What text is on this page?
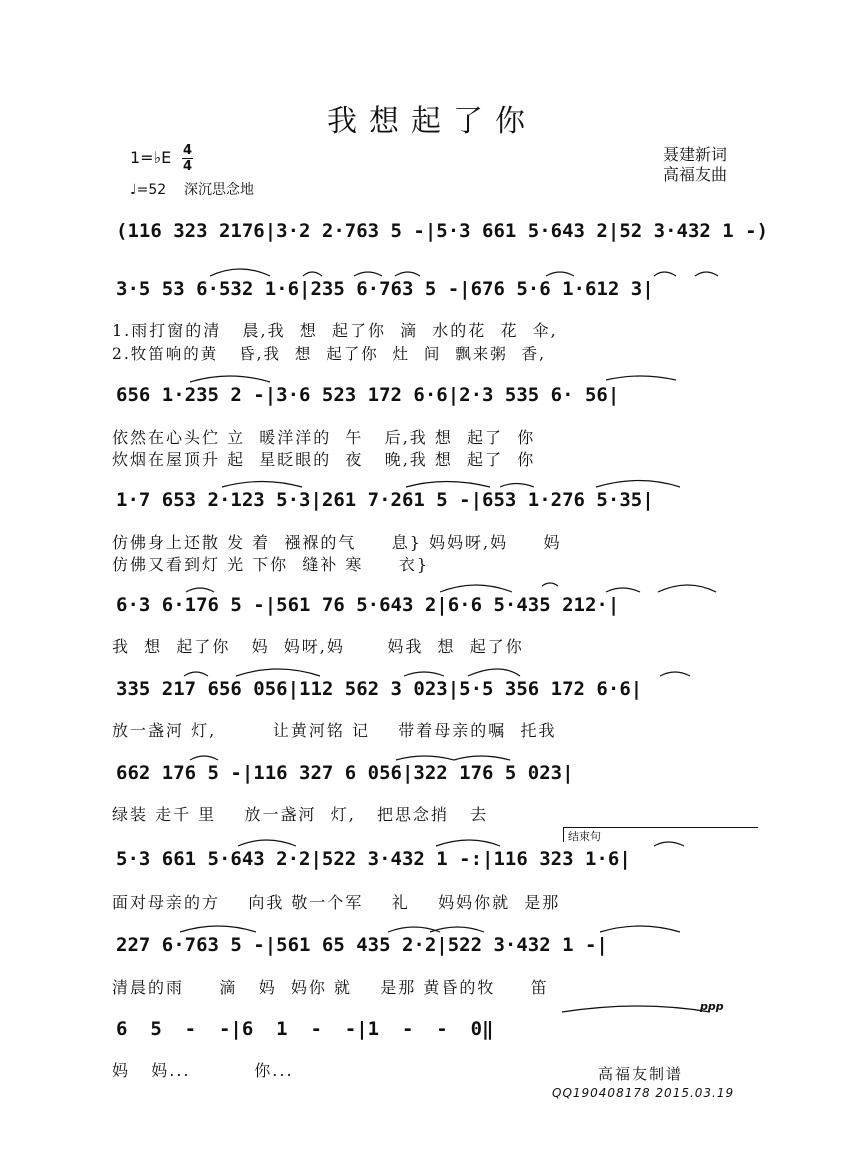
我想起了你
1=♭E 4
4
♩=52 深沉思念地
聂建新词
高福友曲
(116 323 2176|3·2 2·763 5 -|5·3 661 5·643 2|52 3·432 1 -)
3·5 53 6·532 1·6|235 6·763 5 -|676 5·6 1·612 3|
1.雨打窗的清   晨,我  想  起了你  滴  水的花  花  伞,
2.牧笛响的黄   昏,我  想  起了你  灶  间  飘来粥  香,
656 1·235 2 -|3·6 523 172 6·6|2·3 535 6· 56|
依然在心头伫 立  暖洋洋的  午   后,我 想  起了  你
炊烟在屋顶升 起  星眨眼的  夜   晚,我 想  起了  你
1·7 653 2·123 5·3|261 7·261 5 -|653 1·276 5·35|
仿佛身上还散 发 着  襁褓的气     息} 妈妈呀,妈     妈
仿佛又看到灯 光 下你  缝补 寒     衣}
6·3 6·176 5 -|561 76 5·643 2|6·6 5·435 212·|
我  想  起了你   妈  妈呀,妈      妈我  想  起了你
335 217 656 056|112 562 3 023|5·5 356 172 6·6|
放一盏河 灯,        让黄河铭 记    带着母亲的嘱  托我
662 176 5 -|116 327 6 056|322 176 5 023|
绿装 走千 里    放一盏河  灯,   把思念捎   去
结束句
5·3 661 5·643 2·2|522 3·432 1 -:|116 323 1·6|
面对母亲的方    向我 敬一个军    礼    妈妈你就  是那
227 6·763 5 -|561 65 435 2·2|522 3·432 1 -|
清晨的雨     滴   妈  妈你 就    是那 黄昏的牧     笛
ppp
6  5  -  -|6  1  -  -|1  -  -  0‖
妈   妈...         你...	高福友制谱
QQ190408178 2015.03.19
